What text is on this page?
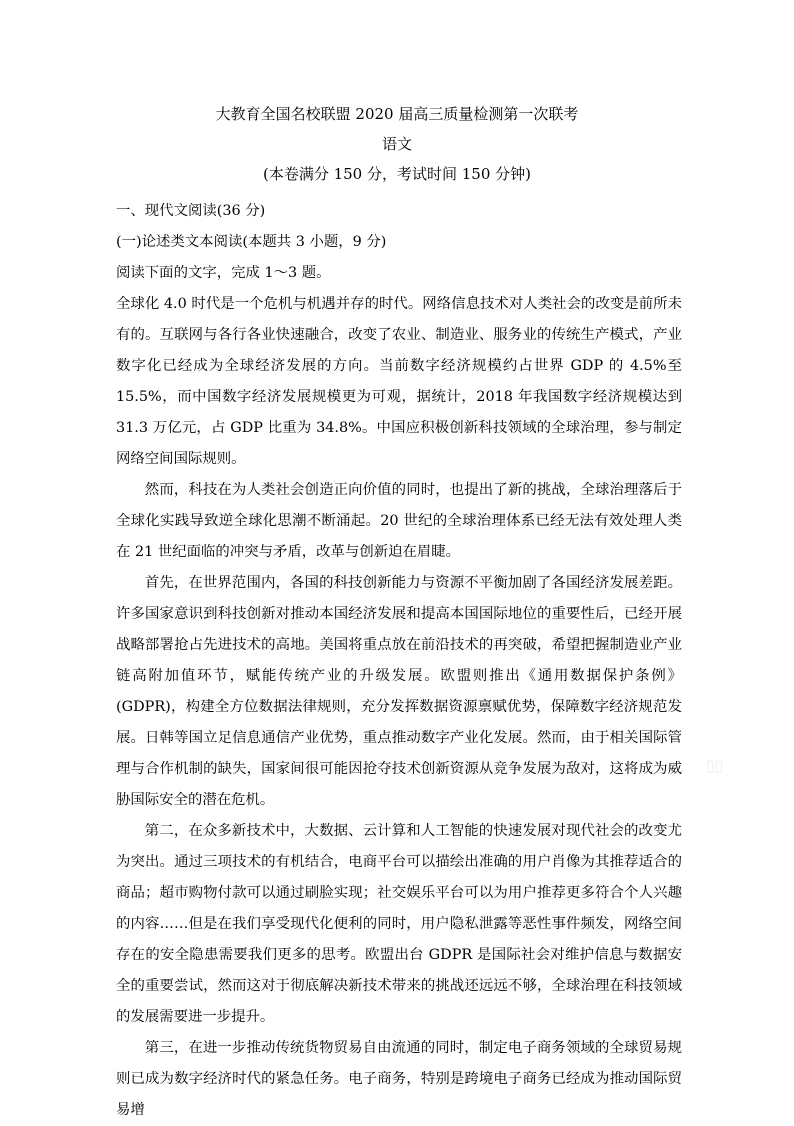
大教育全国名校联盟 2020 届高三质量检测第一次联考
语文
(本卷满分 150 分，考试时间 150 分钟)

一、现代文阅读(36 分)

(一)论述类文本阅读(本题共 3 小题，9 分)

阅读下面的文字，完成 1～3 题。

全球化 4.0 时代是一个危机与机遇并存的时代。网络信息技术对人类社会的改变是前所未有的。互联网与各行各业快速融合，改变了农业、制造业、服务业的传统生产模式，产业数字化已经成为全球经济发展的方向。当前数字经济规模约占世界 GDP 的 4.5%至 15.5%，而中国数字经济发展规模更为可观，据统计，2018 年我国数字经济规模达到 31.3 万亿元，占 GDP 比重为 34.8%。中国应积极创新科技领域的全球治理，参与制定网络空间国际规则。

然而，科技在为人类社会创造正向价值的同时，也提出了新的挑战，全球治理落后于全球化实践导致逆全球化思潮不断涌起。20 世纪的全球治理体系已经无法有效处理人类在 21 世纪面临的冲突与矛盾，改革与创新迫在眉睫。

首先，在世界范围内，各国的科技创新能力与资源不平衡加剧了各国经济发展差距。许多国家意识到科技创新对推动本国经济发展和提高本国国际地位的重要性后，已经开展战略部署抢占先进技术的高地。美国将重点放在前沿技术的再突破，希望把握制造业产业链高附加值环节，赋能传统产业的升级发展。欧盟则推出《通用数据保护条例》(GDPR)，构建全方位数据法律规则，充分发挥数据资源禀赋优势，保障数字经济规范发展。日韩等国立足信息通信产业优势，重点推动数字产业化发展。然而，由于相关国际管理与合作机制的缺失，国家间很可能因抢夺技术创新资源从竞争发展为敌对，这将成为威胁国际安全的潜在危机。

第二，在众多新技术中，大数据、云计算和人工智能的快速发展对现代社会的改变尤为突出。通过三项技术的有机结合，电商平台可以描绘出准确的用户肖像为其推荐适合的商品；超市购物付款可以通过刷脸实现；社交娱乐平台可以为用户推荐更多符合个人兴趣的内容……但是在我们享受现代化便利的同时，用户隐私泄露等恶性事件频发，网络空间存在的安全隐患需要我们更多的思考。欧盟出台 GDPR 是国际社会对维护信息与数据安全的重要尝试，然而这对于彻底解决新技术带来的挑战还远远不够，全球治理在科技领域的发展需要进一步提升。

第三，在进一步推动传统货物贸易自由流通的同时，制定电子商务领域的全球贸易规则已成为数字经济时代的紧急任务。电子商务，特别是跨境电子商务已经成为推动国际贸易增

▯▯
